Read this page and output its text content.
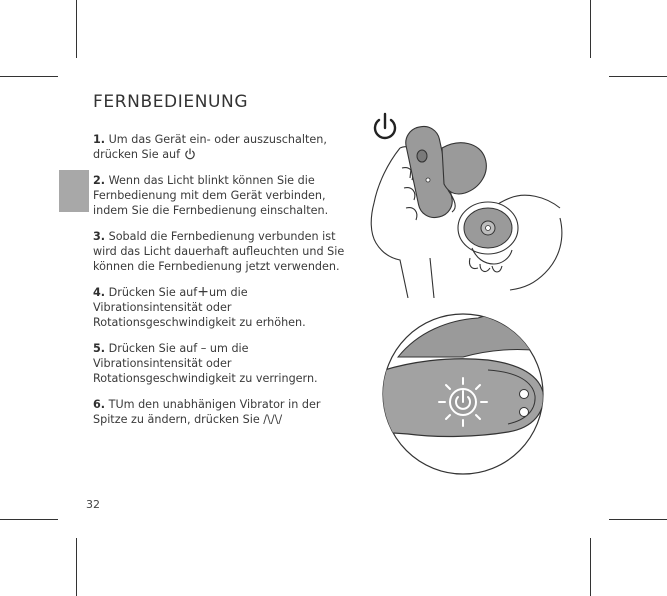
FERNBEDIENUNG

1. Um das Gerät ein- oder auszuschalten, drücken Sie auf

2. Wenn das Licht blinkt können Sie die Fernbedienung mit dem Gerät verbinden, indem Sie die Fernbedienung einschalten.

3. Sobald die Fernbedienung verbunden ist wird das Licht dauerhaft aufleuchten und Sie können die Fernbedienung jetzt verwenden.

4. Drücken Sie auf+um die Vibrationsintensität oder Rotationsgeschwindigkeit zu erhöhen.

5. Drücken Sie auf – um die Vibrationsintensität oder Rotationsgeschwindigkeit zu verringern.

6. TUm den unabhänigen Vibrator in der Spitze zu ändern, drücken Sie /\/\/

32
